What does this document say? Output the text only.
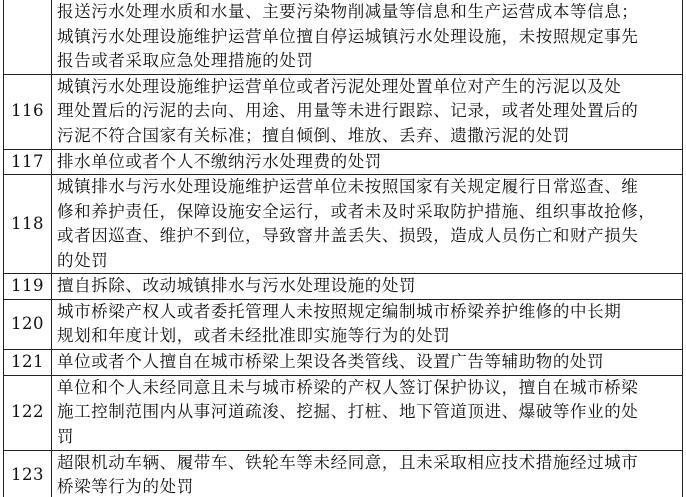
	报送污水处理水质和水量、主要污染物削减量等信息和生产运营成本等信息；
城镇污水处理设施维护运营单位擅自停运城镇污水处理设施，未按照规定事先
报告或者采取应急处理措施的处罚

116	城镇污水处理设施维护运营单位或者污泥处理处置单位对产生的污泥以及处
理处置后的污泥的去向、用途、用量等未进行跟踪、记录，或者处理处置后的
污泥不符合国家有关标准；擅自倾倒、堆放、丢弃、遗撒污泥的处罚

117	排水单位或者个人不缴纳污水处理费的处罚

118	城镇排水与污水处理设施维护运营单位未按照国家有关规定履行日常巡查、维
修和养护责任，保障设施安全运行，或者未及时采取防护措施、组织事故抢修，
或者因巡查、维护不到位，导致窨井盖丢失、损毁，造成人员伤亡和财产损失
的处罚

119	擅自拆除、改动城镇排水与污水处理设施的处罚

120	城市桥梁产权人或者委托管理人未按照规定编制城市桥梁养护维修的中长期
规划和年度计划，或者未经批准即实施等行为的处罚

121	单位或者个人擅自在城市桥梁上架设各类管线、设置广告等辅助物的处罚

122	单位和个人未经同意且未与城市桥梁的产权人签订保护协议，擅自在城市桥梁
施工控制范围内从事河道疏浚、挖掘、打桩、地下管道顶进、爆破等作业的处
罚

123	超限机动车辆、履带车、铁轮车等未经同意，且未采取相应技术措施经过城市
桥梁等行为的处罚
